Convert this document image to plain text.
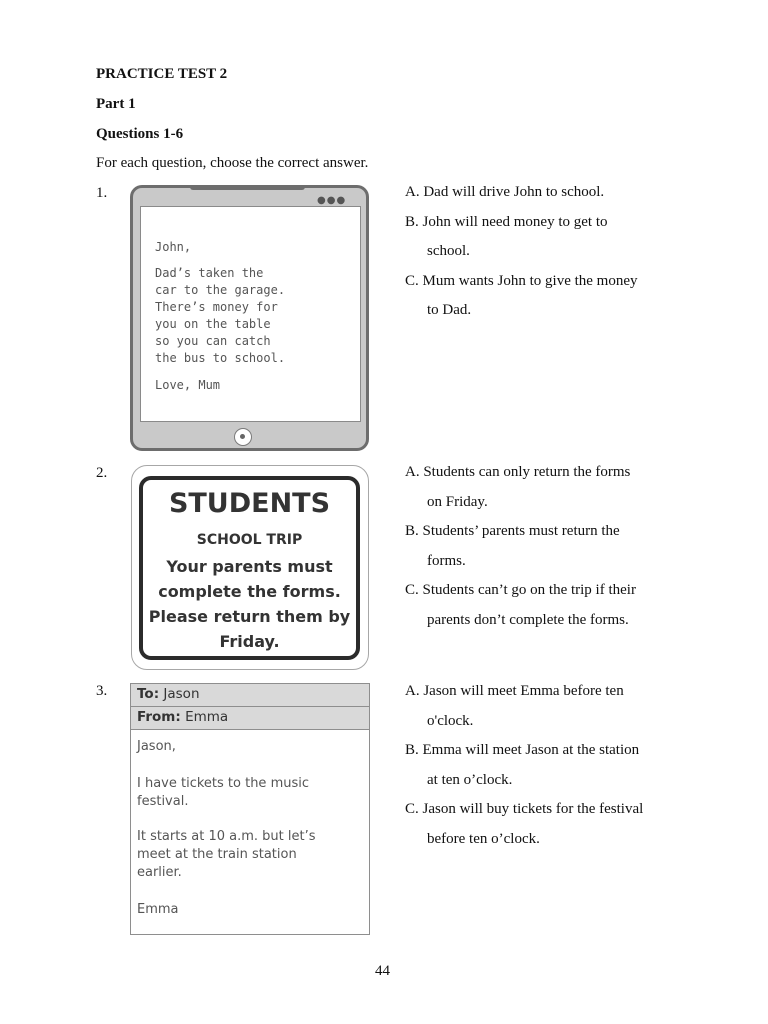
PRACTICE TEST 2
Part 1
Questions 1-6
For each question, choose the correct answer.
1.	●●●
John,
Dad’s taken the
car to the garage.
There’s money for
you on the table
so you can catch
the bus to school.
Love, Mum
A. Dad will drive John to school.
B. John will need money to get to
school.
C. Mum wants John to give the money
to Dad.
2.
STUDENTS
SCHOOL TRIP
Your parents must
complete the forms.
Please return them by
Friday.
A. Students can only return the forms
on Friday.
B. Students’ parents must return the
forms.
C. Students can’t go on the trip if their
parents don’t complete the forms.
3.	To: Jason
From: Emma
Jason,
I have tickets to the music
festival.
It starts at 10 a.m. but let’s
meet at the train station
earlier.
Emma
A. Jason will meet Emma before ten
o'clock.
B. Emma will meet Jason at the station
at ten o’clock.
C. Jason will buy tickets for the festival
before ten o’clock.
44
